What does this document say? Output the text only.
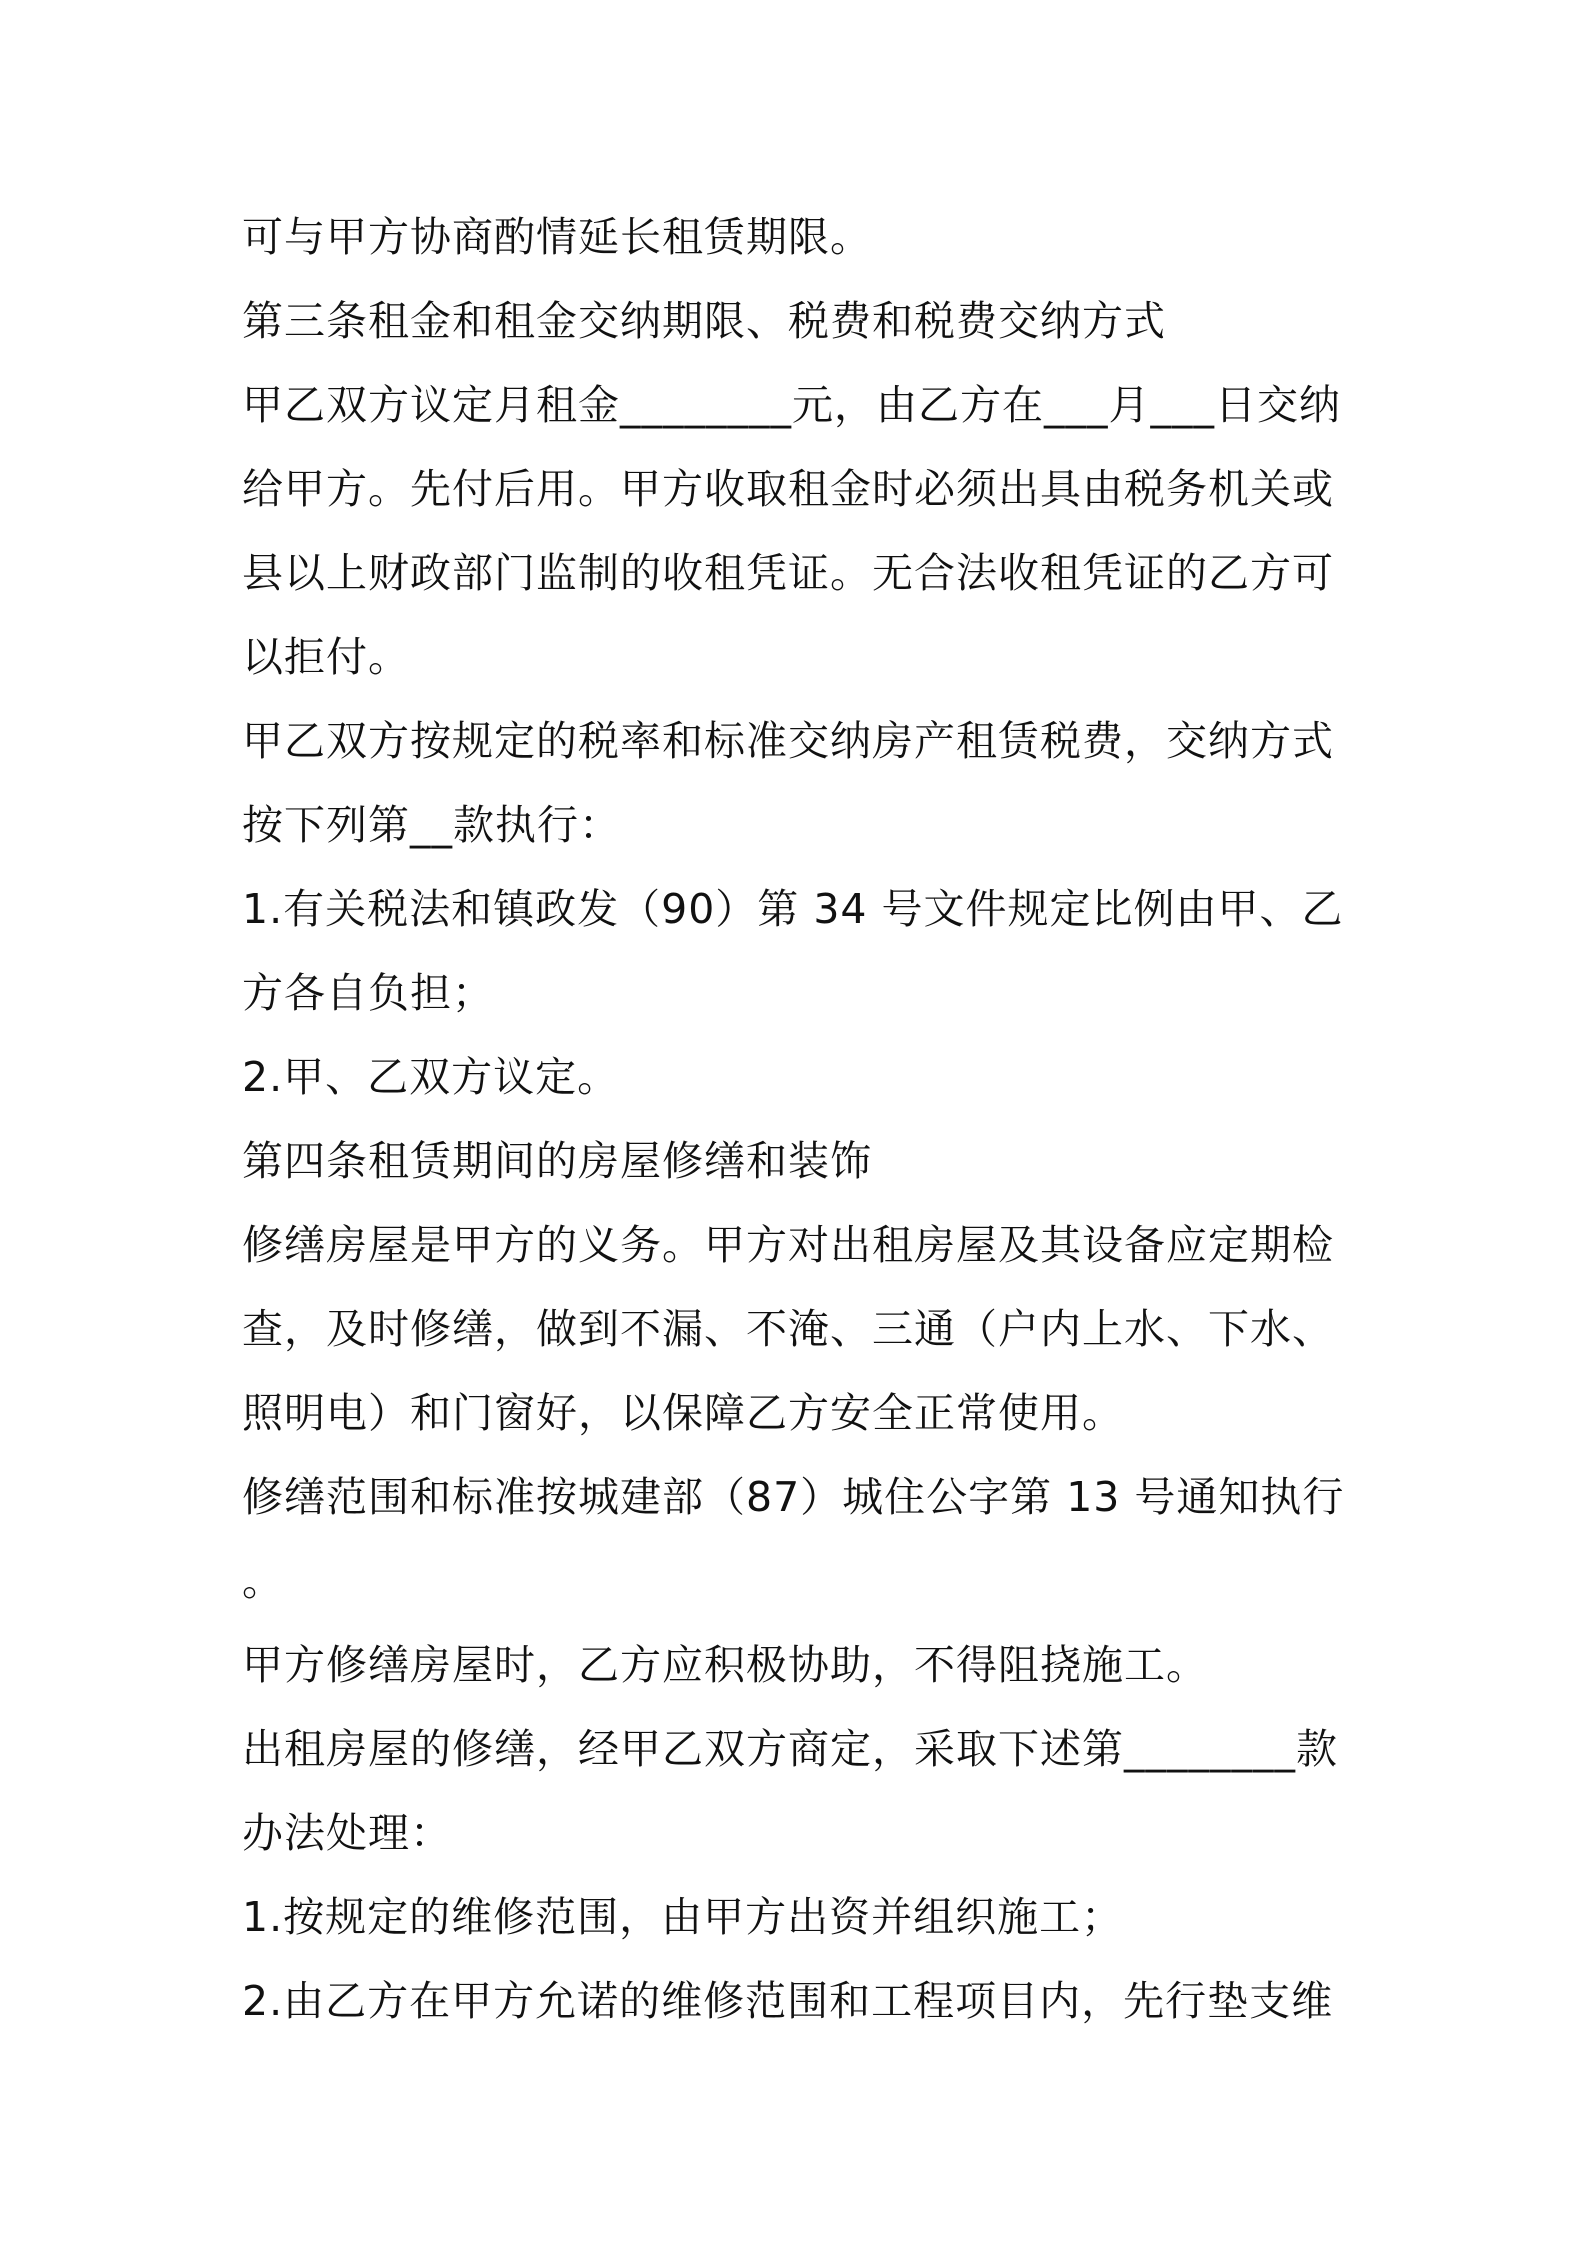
可与甲方协商酌情延长租赁期限。
第三条租金和租金交纳期限、税费和税费交纳方式
甲乙双方议定月租金________元，由乙方在___月___日交纳
给甲方。先付后用。甲方收取租金时必须出具由税务机关或
县以上财政部门监制的收租凭证。无合法收租凭证的乙方可
以拒付。
甲乙双方按规定的税率和标准交纳房产租赁税费，交纳方式
按下列第__款执行：
1.有关税法和镇政发（90）第 34 号文件规定比例由甲、乙
方各自负担；
2.甲、乙双方议定。
第四条租赁期间的房屋修缮和装饰
修缮房屋是甲方的义务。甲方对出租房屋及其设备应定期检
查，及时修缮，做到不漏、不淹、三通（户内上水、下水、
照明电）和门窗好，以保障乙方安全正常使用。
修缮范围和标准按城建部（87）城住公字第 13 号通知执行
。
甲方修缮房屋时，乙方应积极协助，不得阻挠施工。
出租房屋的修缮，经甲乙双方商定，采取下述第________款
办法处理：
1.按规定的维修范围，由甲方出资并组织施工；
2.由乙方在甲方允诺的维修范围和工程项目内，先行垫支维
